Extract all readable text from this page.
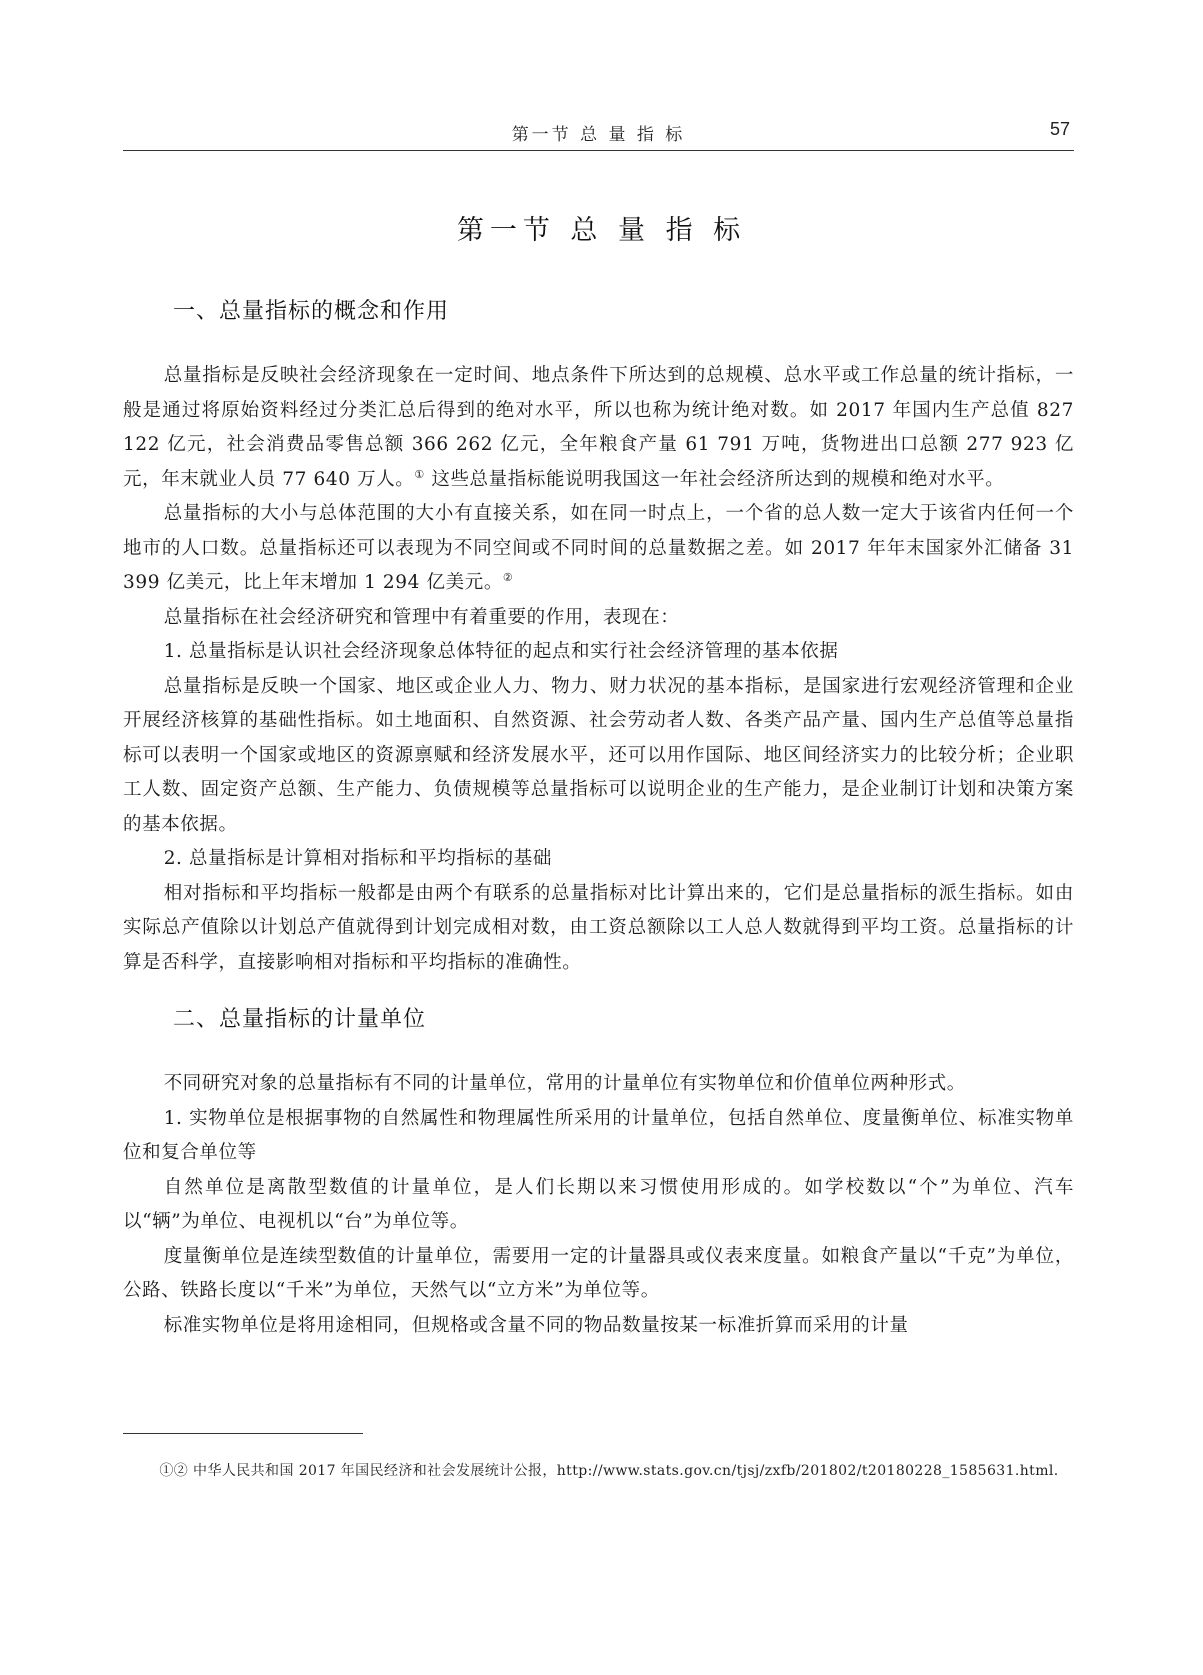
第一节 总 量 指 标	57
第一节 总 量 指 标
一、总量指标的概念和作用

总量指标是反映社会经济现象在一定时间、地点条件下所达到的总规模、总水平或工作总量的统计指标，一般是通过将原始资料经过分类汇总后得到的绝对水平，所以也称为统计绝对数。如 2017 年国内生产总值 827 122 亿元，社会消费品零售总额 366 262 亿元，全年粮食产量 61 791 万吨，货物进出口总额 277 923 亿元，年末就业人员 77 640 万人。① 这些总量指标能说明我国这一年社会经济所达到的规模和绝对水平。

总量指标的大小与总体范围的大小有直接关系，如在同一时点上，一个省的总人数一定大于该省内任何一个地市的人口数。总量指标还可以表现为不同空间或不同时间的总量数据之差。如 2017 年年末国家外汇储备 31 399 亿美元，比上年末增加 1 294 亿美元。②

总量指标在社会经济研究和管理中有着重要的作用，表现在：

1. 总量指标是认识社会经济现象总体特征的起点和实行社会经济管理的基本依据

总量指标是反映一个国家、地区或企业人力、物力、财力状况的基本指标，是国家进行宏观经济管理和企业开展经济核算的基础性指标。如土地面积、自然资源、社会劳动者人数、各类产品产量、国内生产总值等总量指标可以表明一个国家或地区的资源禀赋和经济发展水平，还可以用作国际、地区间经济实力的比较分析；企业职工人数、固定资产总额、生产能力、负债规模等总量指标可以说明企业的生产能力，是企业制订计划和决策方案的基本依据。

2. 总量指标是计算相对指标和平均指标的基础

相对指标和平均指标一般都是由两个有联系的总量指标对比计算出来的，它们是总量指标的派生指标。如由实际总产值除以计划总产值就得到计划完成相对数，由工资总额除以工人总人数就得到平均工资。总量指标的计算是否科学，直接影响相对指标和平均指标的准确性。

二、总量指标的计量单位

不同研究对象的总量指标有不同的计量单位，常用的计量单位有实物单位和价值单位两种形式。

1. 实物单位是根据事物的自然属性和物理属性所采用的计量单位，包括自然单位、度量衡单位、标准实物单位和复合单位等

自然单位是离散型数值的计量单位，是人们长期以来习惯使用形成的。如学校数以“个”为单位、汽车以“辆”为单位、电视机以“台”为单位等。

度量衡单位是连续型数值的计量单位，需要用一定的计量器具或仪表来度量。如粮食产量以“千克”为单位，公路、铁路长度以“千米”为单位，天然气以“立方米”为单位等。

标准实物单位是将用途相同，但规格或含量不同的物品数量按某一标准折算而采用的计量

①② 中华人民共和国 2017 年国民经济和社会发展统计公报，http://www.stats.gov.cn/tjsj/zxfb/201802/t20180228_1585631.html.
